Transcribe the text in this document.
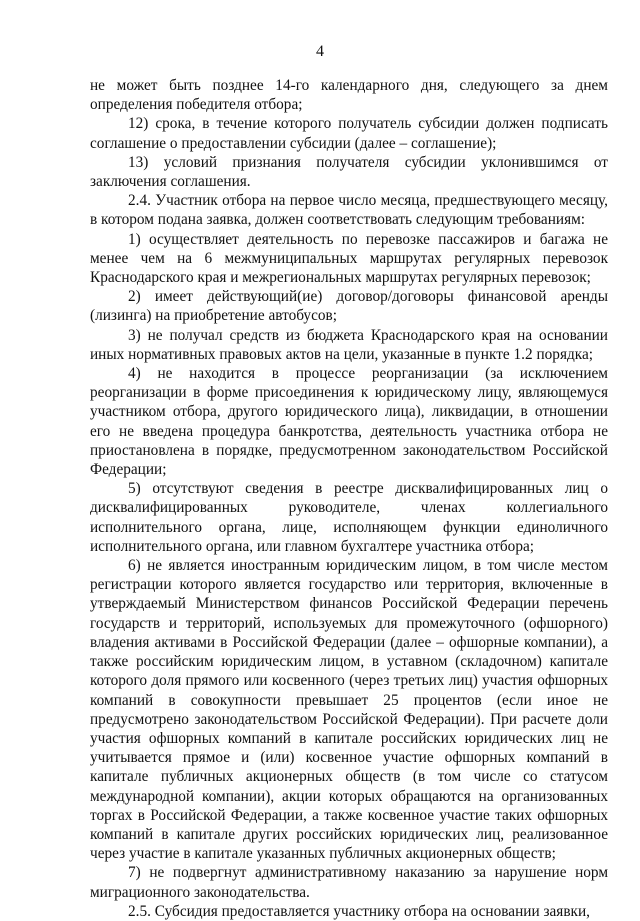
4

не может быть позднее 14-го календарного дня, следующего за днем определения победителя отбора;

12) срока, в течение которого получатель субсидии должен подписать соглашение о предоставлении субсидии (далее – соглашение);

13) условий признания получателя субсидии уклонившимся от заключения соглашения.

2.4. Участник отбора на первое число месяца, предшествующего месяцу, в котором подана заявка, должен соответствовать следующим требованиям:

1) осуществляет деятельность по перевозке пассажиров и багажа не менее чем на 6 межмуниципальных маршрутах регулярных перевозок Краснодарского края и межрегиональных маршрутах регулярных перевозок;

2) имеет действующий(ие) договор/договоры финансовой аренды (лизинга) на приобретение автобусов;

3) не получал средств из бюджета Краснодарского края на основании иных нормативных правовых актов на цели, указанные в пункте 1.2 порядка;

4) не находится в процессе реорганизации (за исключением реорганизации в форме присоединения к юридическому лицу, являющемуся участником отбора, другого юридического лица), ликвидации, в отношении его не введена процедура банкротства, деятельность участника отбора не приостановлена в порядке, предусмотренном законодательством Российской Федерации;

5) отсутствуют сведения в реестре дисквалифицированных лиц о дисквалифицированных руководителе, членах коллегиального исполнительного органа, лице, исполняющем функции единоличного исполнительного органа, или главном бухгалтере участника отбора;

6) не является иностранным юридическим лицом, в том числе местом регистрации которого является государство или территория, включенные в утверждаемый Министерством финансов Российской Федерации перечень государств и территорий, используемых для промежуточного (офшорного) владения активами в Российской Федерации (далее – офшорные компании), а также российским юридическим лицом, в уставном (складочном) капитале которого доля прямого или косвенного (через третьих лиц) участия офшорных компаний в совокупности превышает 25 процентов (если иное не предусмотрено законодательством Российской Федерации). При расчете доли участия офшорных компаний в капитале российских юридических лиц не учитывается прямое и (или) косвенное участие офшорных компаний в капитале публичных акционерных обществ (в том числе со статусом международной компании), акции которых обращаются на организованных торгах в Российской Федерации, а также косвенное участие таких офшорных компаний в капитале других российских юридических лиц, реализованное через участие в капитале указанных публичных акционерных обществ;

7) не подвергнут административному наказанию за нарушение норм миграционного законодательства.

2.5. Субсидия предоставляется участнику отбора на основании заявки,
